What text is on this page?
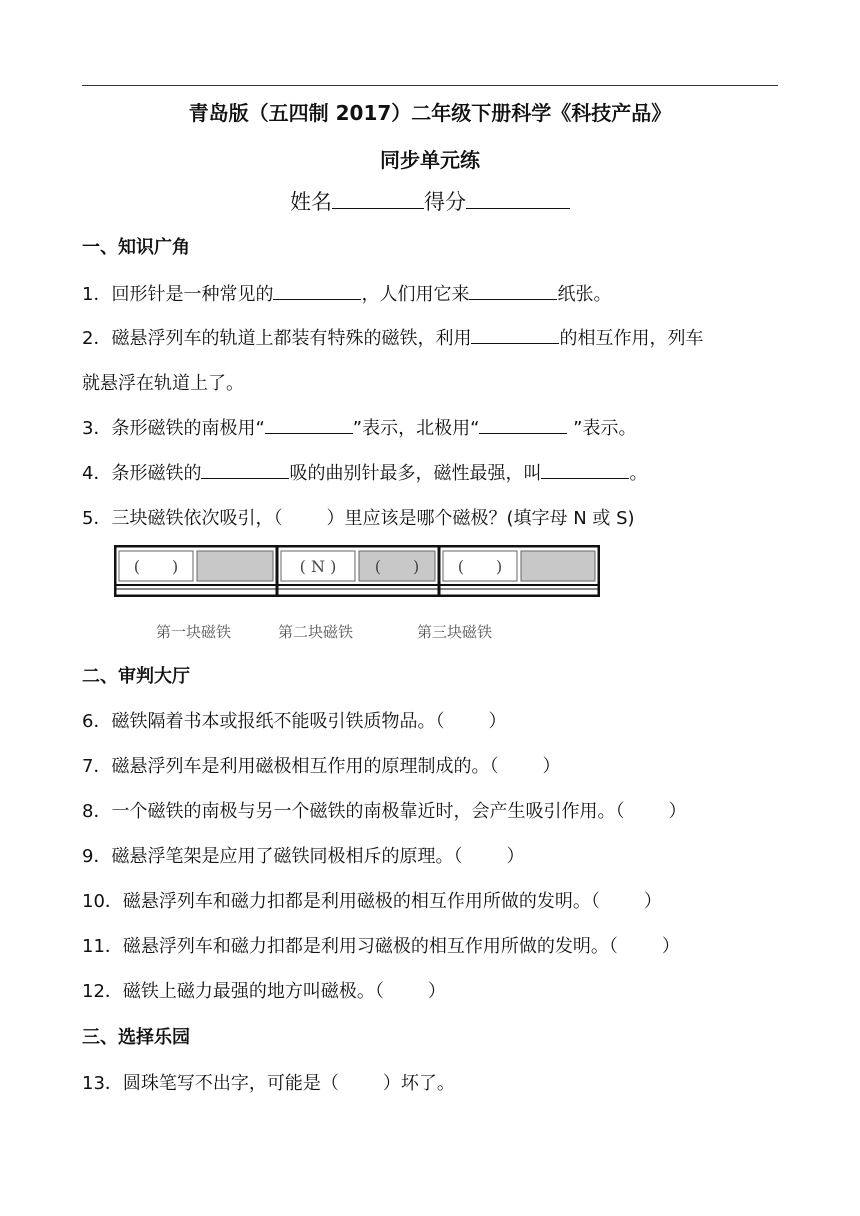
青岛版（五四制 2017）二年级下册科学《科技产品》
同步单元练
姓名	得分
一、知识广角
1．回形针是一种常见的	，人们用它来	纸张。
2．磁悬浮列车的轨道上都装有特殊的磁铁，利用	的相互作用，列车
就悬浮在轨道上了。
3．条形磁铁的南极用“	”表示，北极用“	”表示。
4．条形磁铁的	吸的曲别针最多，磁性最强，叫	。
5．三块磁铁依次吸引，（ ）里应该是哪个磁极？(填字母 N 或 S)
(　　)	( N ) (　　) (　　)
第一块磁铁	第二块磁铁	第三块磁铁
二、审判大厅
6．磁铁隔着书本或报纸不能吸引铁质物品。（ ）
7．磁悬浮列车是利用磁极相互作用的原理制成的。（ ）
8．一个磁铁的南极与另一个磁铁的南极靠近时，会产生吸引作用。（ ）
9．磁悬浮笔架是应用了磁铁同极相斥的原理。（ ）
10．磁悬浮列车和磁力扣都是利用磁极的相互作用所做的发明。（ ）
11．磁悬浮列车和磁力扣都是利用习磁极的相互作用所做的发明。（ ）
12．磁铁上磁力最强的地方叫磁极。（ ）
三、选择乐园
13．圆珠笔写不出字，可能是（ ）坏了。
